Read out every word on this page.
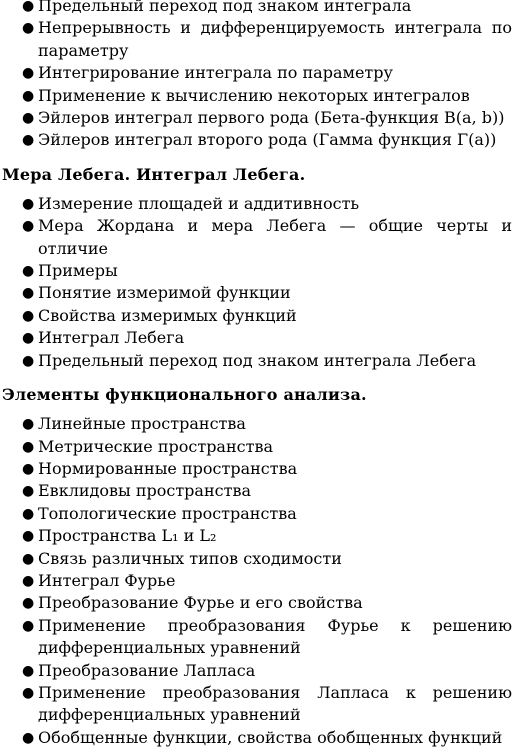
● Предельный переход под знаком интеграла
● Непрерывность и дифференцируемость интеграла по параметру
● Интегрирование интеграла по параметру
● Применение к вычислению некоторых интегралов
● Эйлеров интеграл первого рода (Бета-функция B(a, b))
● Эйлеров интеграл второго рода (Гамма функция Γ(a))
Мера Лебега. Интеграл Лебега.
● Измерение площадей и аддитивность
● Мера Жордана и мера Лебега — общие черты и отличие
● Примеры
● Понятие измеримой функции
● Свойства измеримых функций
● Интеграл Лебега
● Предельный переход под знаком интеграла Лебега
Элементы функционального анализа.
● Линейные пространства
● Метрические пространства
● Нормированные пространства
● Евклидовы пространства
● Топологические пространства
● Пространства L₁ и L₂
● Связь различных типов сходимости
● Интеграл Фурье
● Преобразование Фурье и его свойства
● Применение преобразования Фурье к решению дифференциальных уравнений
● Преобразование Лапласа
● Применение преобразования Лапласа к решению дифференциальных уравнений
● Обобщенные функции, свойства обобщенных функций
